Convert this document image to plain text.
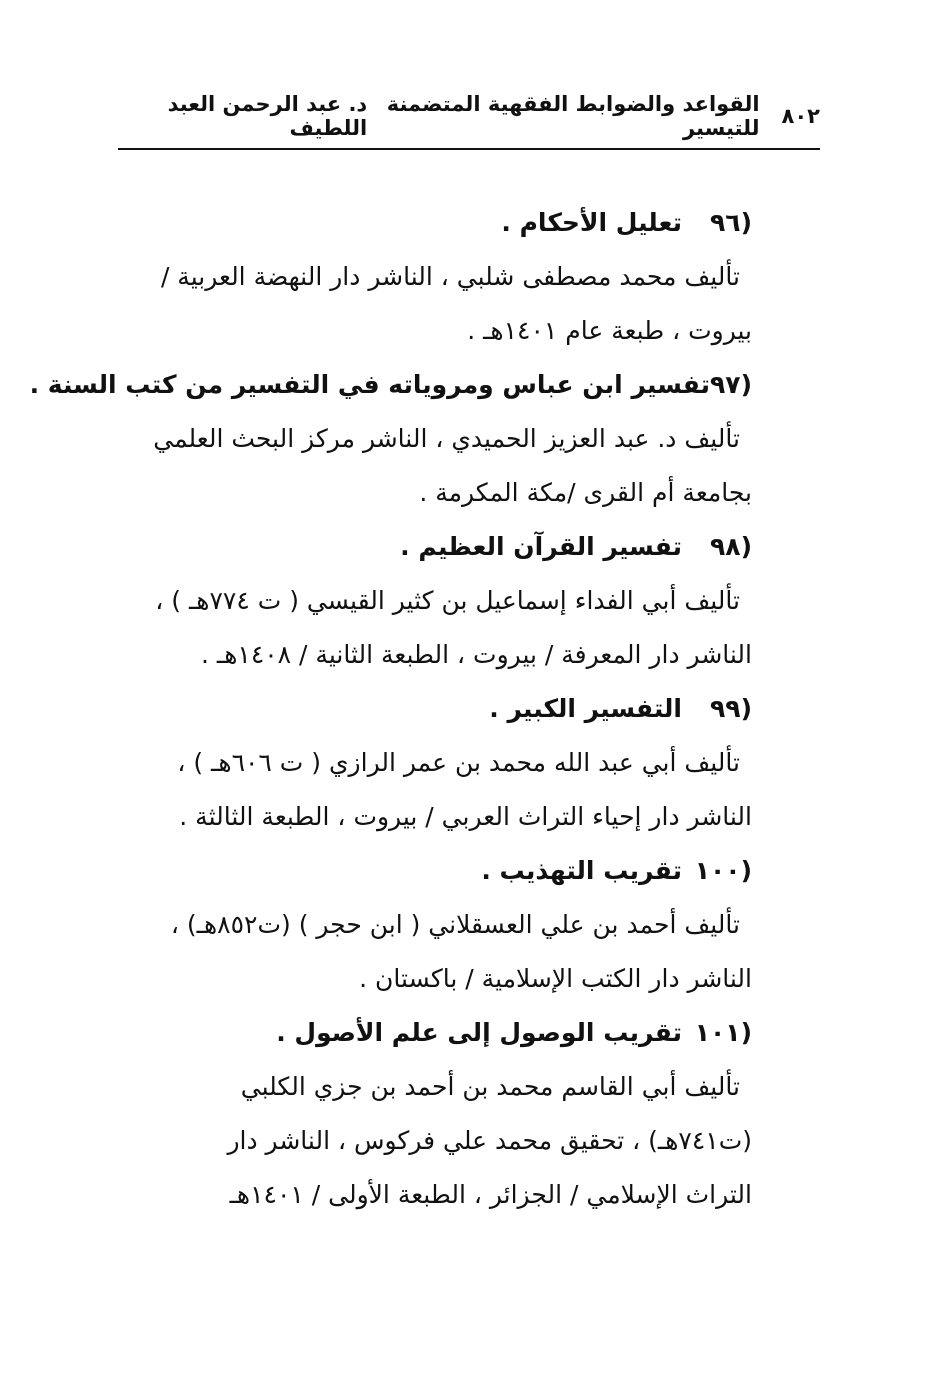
٨٠٢
القواعد والضوابط الفقهية المتضمنة للتيسير
د. عبد الرحمن العبد اللطيف
٩٦)
تعليل الأحكام .
تأليف محمد مصطفى شلبي ، الناشر دار النهضة العربية /
بيروت ، طبعة عام ١٤٠١هـ .
٩٧)
تفسير ابن عباس ومروياته في التفسير من كتب السنة .
تأليف د. عبد العزيز الحميدي ، الناشر مركز البحث العلمي
بجامعة أم القرى /مكة المكرمة .
٩٨)
تفسير القرآن العظيم .
تأليف أبي الفداء إسماعيل بن كثير القيسي ( ت ٧٧٤هـ ) ،
الناشر دار المعرفة / بيروت ، الطبعة الثانية / ١٤٠٨هـ .
٩٩)
التفسير الكبير .
تأليف أبي عبد الله محمد بن عمر الرازي ( ت ٦٠٦هـ ) ،
الناشر دار إحياء التراث العربي / بيروت ، الطبعة الثالثة .
١٠٠)
تقريب التهذيب .
تأليف أحمد بن علي العسقلاني ( ابن حجر ) (ت٨٥٢هـ) ،
الناشر دار الكتب الإسلامية / باكستان .
١٠١)
تقريب الوصول إلى علم الأصول .
تأليف أبي القاسم محمد بن أحمد بن جزي الكلبي
(ت٧٤١هـ) ، تحقيق محمد علي فركوس ، الناشر دار
التراث الإسلامي / الجزائر ، الطبعة الأولى / ١٤٠١هـ
